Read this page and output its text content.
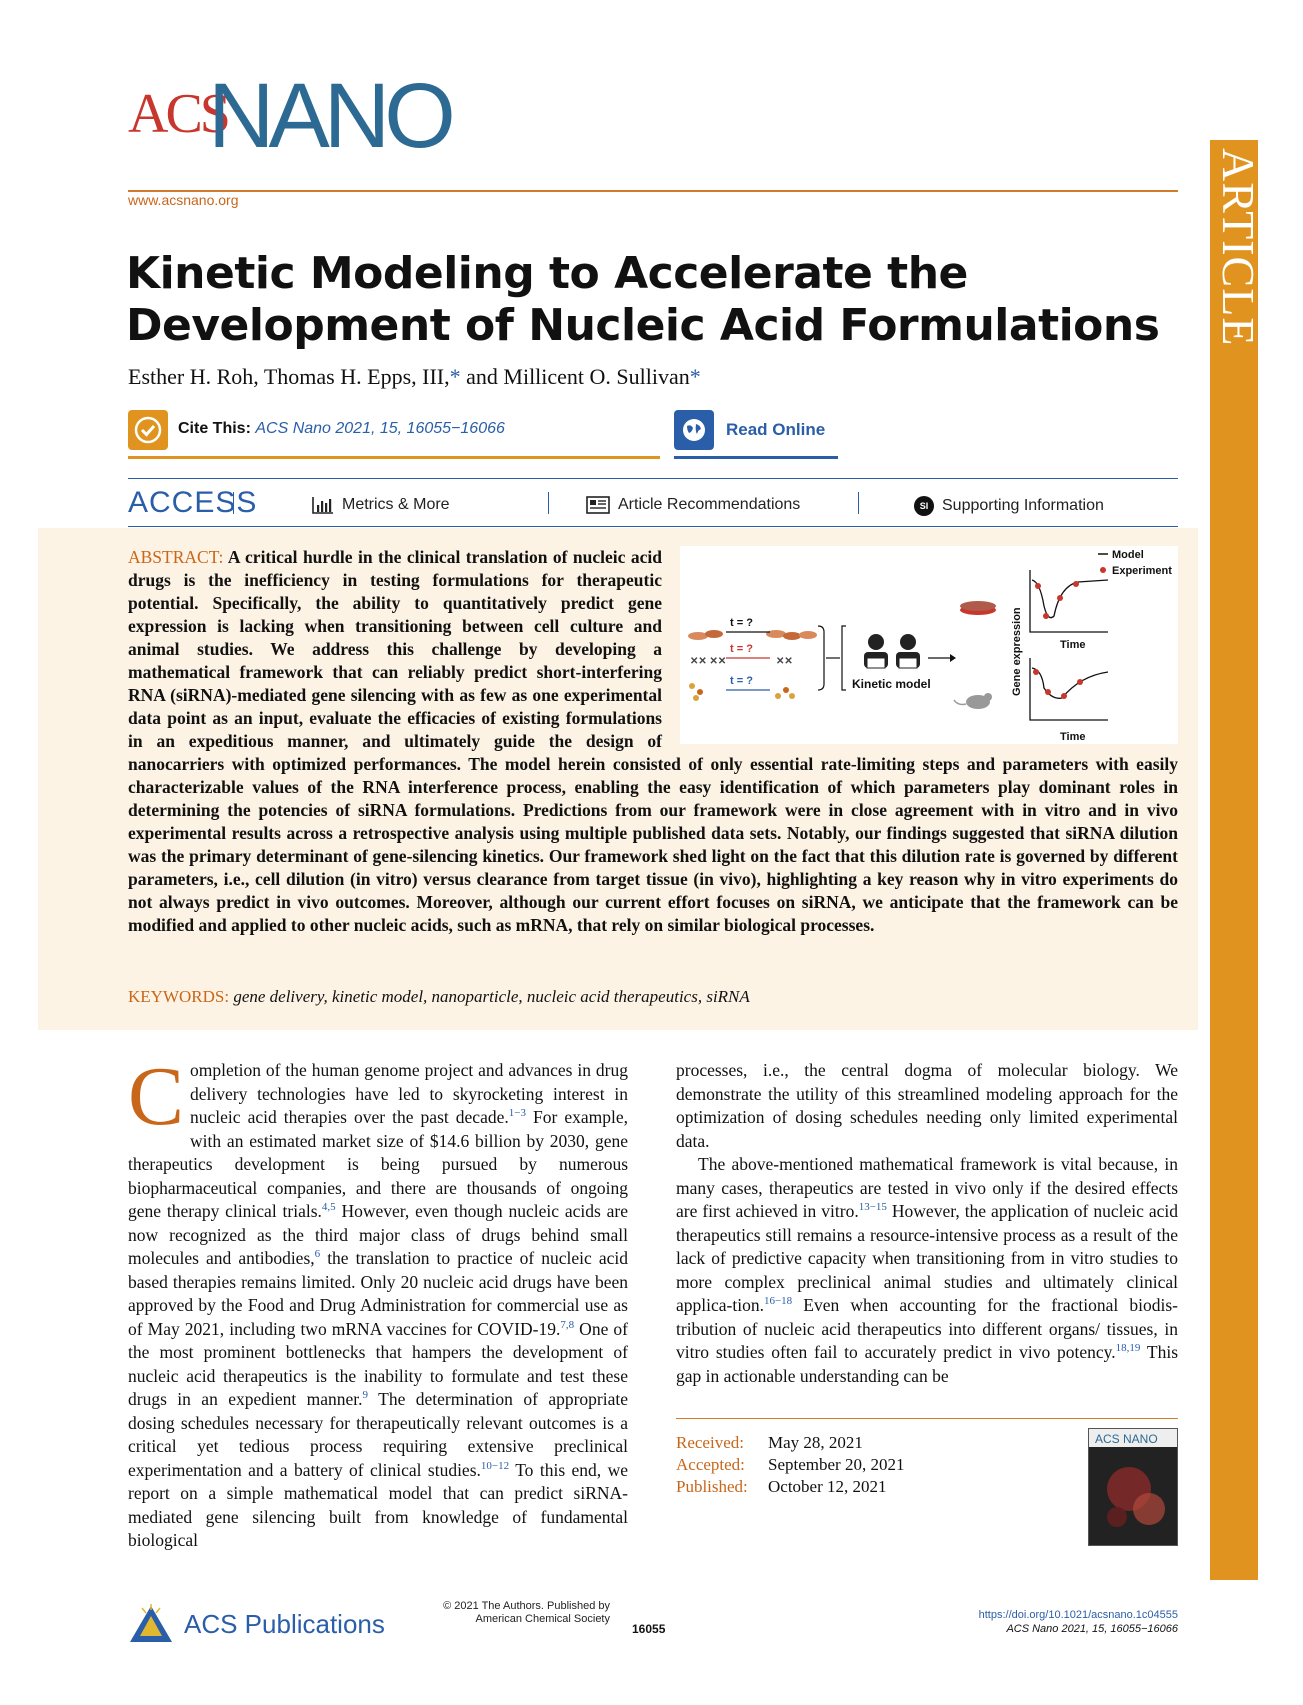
ACS
NANO
www.acsnano.org	ARTICLE
Kinetic Modeling to Accelerate the Development of Nucleic Acid Formulations
Esther H. Roh, Thomas H. Epps, III,* and Millicent O. Sullivan*
Cite This: ACS Nano 2021, 15, 16055−16066	Read Online
ACCESS	Metrics & More	Article Recommendations	SI Supporting Information
✕✕ ✕✕	✕✕
t = ?
t = ?
t = ?	Kinetic model	Gene expression	Time
Time
Model
Experiment
ABSTRACT: A critical hurdle in the clinical translation of nucleic acid drugs is the inefficiency in testing formulations for therapeutic potential. Specifically, the ability to quantitatively predict gene expression is lacking when transitioning between cell culture and animal studies. We address this challenge by developing a mathematical framework that can reliably predict short-interfering RNA (siRNA)-mediated gene silencing with as few as one experimental data point as an input, evaluate the efficacies of existing formulations in an expeditious manner, and ultimately guide the design of nanocarriers with optimized performances. The model herein consisted of only essential rate-limiting steps and parameters with easily characterizable values of the RNA interference process, enabling the easy identification of which parameters play dominant roles in determining the potencies of siRNA formulations. Predictions from our framework were in close agreement with in vitro and in vivo experimental results across a retrospective analysis using multiple published data sets. Notably, our findings suggested that siRNA dilution was the primary determinant of gene-silencing kinetics. Our framework shed light on the fact that this dilution rate is governed by different parameters, i.e., cell dilution (in vitro) versus clearance from target tissue (in vivo), highlighting a key reason why in vitro experiments do not always predict in vivo outcomes. Moreover, although our current effort focuses on siRNA, we anticipate that the framework can be modified and applied to other nucleic acids, such as mRNA, that rely on similar biological processes.
KEYWORDS: gene delivery, kinetic model, nanoparticle, nucleic acid therapeutics, siRNA
Completion of the human genome project and advances in drug delivery technologies have led to skyrocketing interest in nucleic acid therapies over the past decade.$^{1-3}$ For example, with an estimated market size of $14.6 billion by 2030, gene therapeutics development is being pursued by numerous biopharmaceutical companies, and there are thousands of ongoing gene therapy clinical trials.$^{4,5}$ However, even though nucleic acids are now recognized as the third major class of drugs behind small molecules and antibodies,$^6$ the translation to practice of nucleic acid based therapies remains limited. Only 20 nucleic acid drugs have been approved by the Food and Drug Administration for commercial use as of May 2021, including two mRNA vaccines for COVID-19.$^{7,8}$ One of the most prominent bottlenecks that hampers the development of nucleic acid therapeutics is the inability to formulate and test these drugs in an expedient manner.$^9$ The determination of appropriate dosing schedules necessary for therapeutically relevant outcomes is a critical yet tedious process requiring extensive preclinical experimentation and a battery of clinical studies.$^{10-12}$ To this end, we report on a simple mathematical model that can predict siRNA-mediated gene silencing built from knowledge of fundamental biological
processes, i.e., the central dogma of molecular biology. We demonstrate the utility of this streamlined modeling approach for the optimization of dosing schedules needing only limited experimental data.
The above-mentioned mathematical framework is vital because, in many cases, therapeutics are tested in vivo only if the desired effects are first achieved in vitro.$^{13-15}$ However, the application of nucleic acid therapeutics still remains a resource-intensive process as a result of the lack of predictive capacity when transitioning from in vitro studies to more complex preclinical animal studies and ultimately clinical applica-tion.$^{16-18}$ Even when accounting for the fractional biodis-tribution of nucleic acid therapeutics into different organs/ tissues, in vitro studies often fail to accurately predict in vivo potency.$^{18,19}$ This gap in actionable understanding can be
Received: May 28, 2021
Accepted: September 20, 2021
Published: October 12, 2021
ACS NANO
ACS Publications
© 2021 The Authors. Published by
American Chemical Society
16055
https://doi.org/10.1021/acsnano.1c04555
ACS Nano 2021, 15, 16055−16066
